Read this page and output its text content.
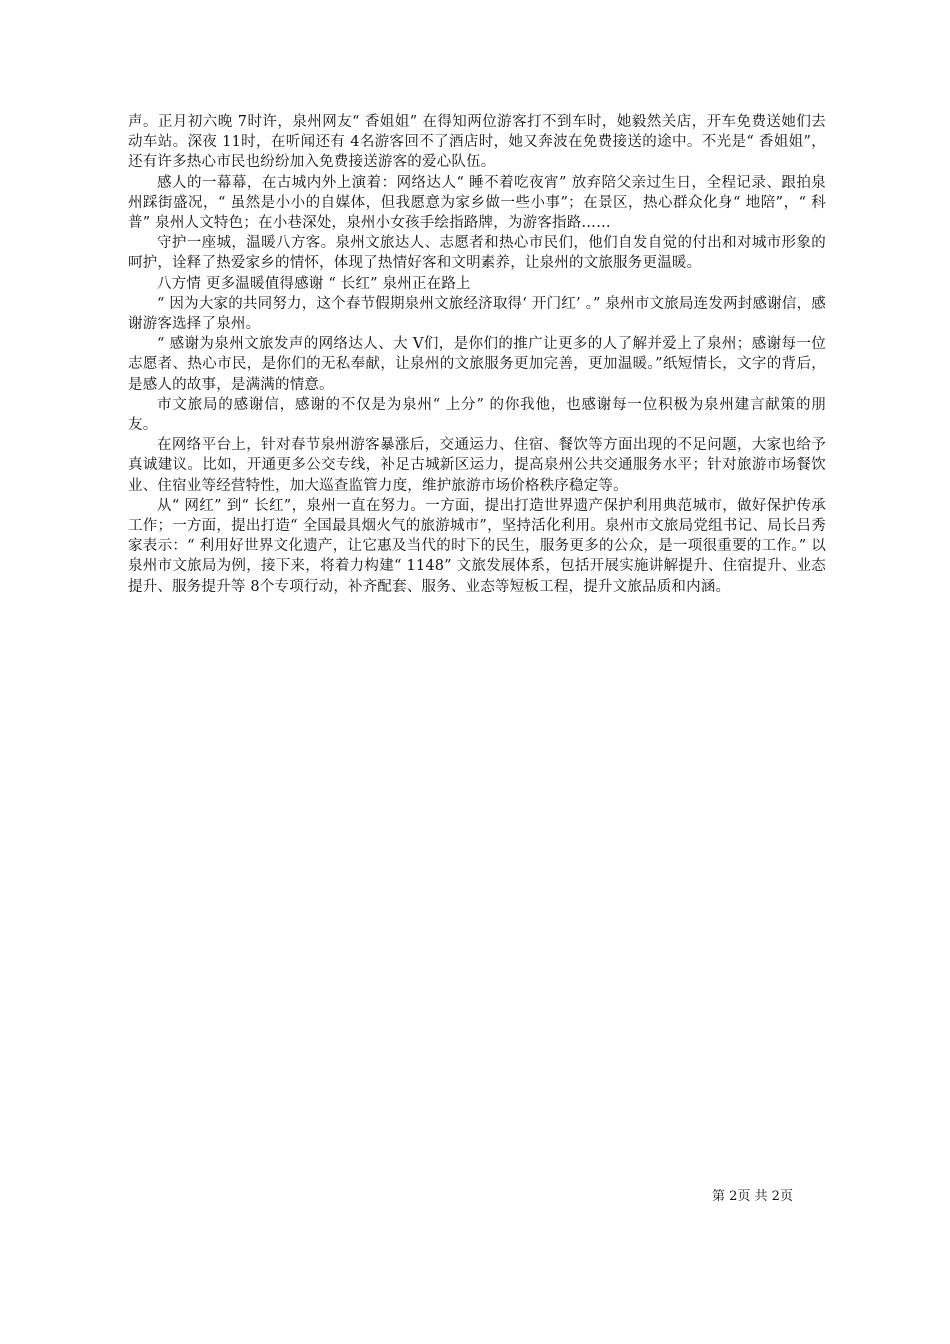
声。正月初六晚 7时许，泉州网友“ 香姐姐” 在得知两位游客打不到车时，她毅然关店，开车免费送她们去动车站。深夜 11时，在听闻还有 4名游客回不了酒店时，她又奔波在免费接送的途中。不光是“ 香姐姐”，还有许多热心市民也纷纷加入免费接送游客的爱心队伍。

感人的一幕幕，在古城内外上演着：网络达人“ 睡不着吃夜宵” 放弃陪父亲过生日，全程记录、跟拍泉州踩街盛况，“ 虽然是小小的自媒体，但我愿意为家乡做一些小事”；在景区，热心群众化身“ 地陪”，“ 科普” 泉州人文特色；在小巷深处，泉州小女孩手绘指路牌，为游客指路……

守护一座城，温暖八方客。泉州文旅达人、志愿者和热心市民们，他们自发自觉的付出和对城市形象的呵护，诠释了热爱家乡的情怀，体现了热情好客和文明素养，让泉州的文旅服务更温暖。

八方情 更多温暖值得感谢 “ 长红” 泉州正在路上

“ 因为大家的共同努力，这个春节假期泉州文旅经济取得‘ 开门红’ 。” 泉州市文旅局连发两封感谢信，感谢游客选择了泉州。

“ 感谢为泉州文旅发声的网络达人、大 V们，是你们的推广让更多的人了解并爱上了泉州；感谢每一位志愿者、热心市民，是你们的无私奉献，让泉州的文旅服务更加完善，更加温暖。”纸短情长，文字的背后，是感人的故事，是满满的情意。

市文旅局的感谢信，感谢的不仅是为泉州“ 上分” 的你我他，也感谢每一位积极为泉州建言献策的朋友。

在网络平台上，针对春节泉州游客暴涨后，交通运力、住宿、餐饮等方面出现的不足问题，大家也给予真诚建议。比如，开通更多公交专线，补足古城新区运力，提高泉州公共交通服务水平；针对旅游市场餐饮业、住宿业等经营特性，加大巡查监管力度，维护旅游市场价格秩序稳定等。

从“ 网红” 到“ 长红”，泉州一直在努力。一方面，提出打造世界遗产保护利用典范城市，做好保护传承工作；一方面，提出打造“ 全国最具烟火气的旅游城市”，坚持活化利用。泉州市文旅局党组书记、局长吕秀家表示：“ 利用好世界文化遗产，让它惠及当代的时下的民生，服务更多的公众，是一项很重要的工作。” 以泉州市文旅局为例，接下来，将着力构建“ 1148” 文旅发展体系，包括开展实施讲解提升、住宿提升、业态提升、服务提升等 8个专项行动，补齐配套、服务、业态等短板工程，提升文旅品质和内涵。

第 2页 共 2页
